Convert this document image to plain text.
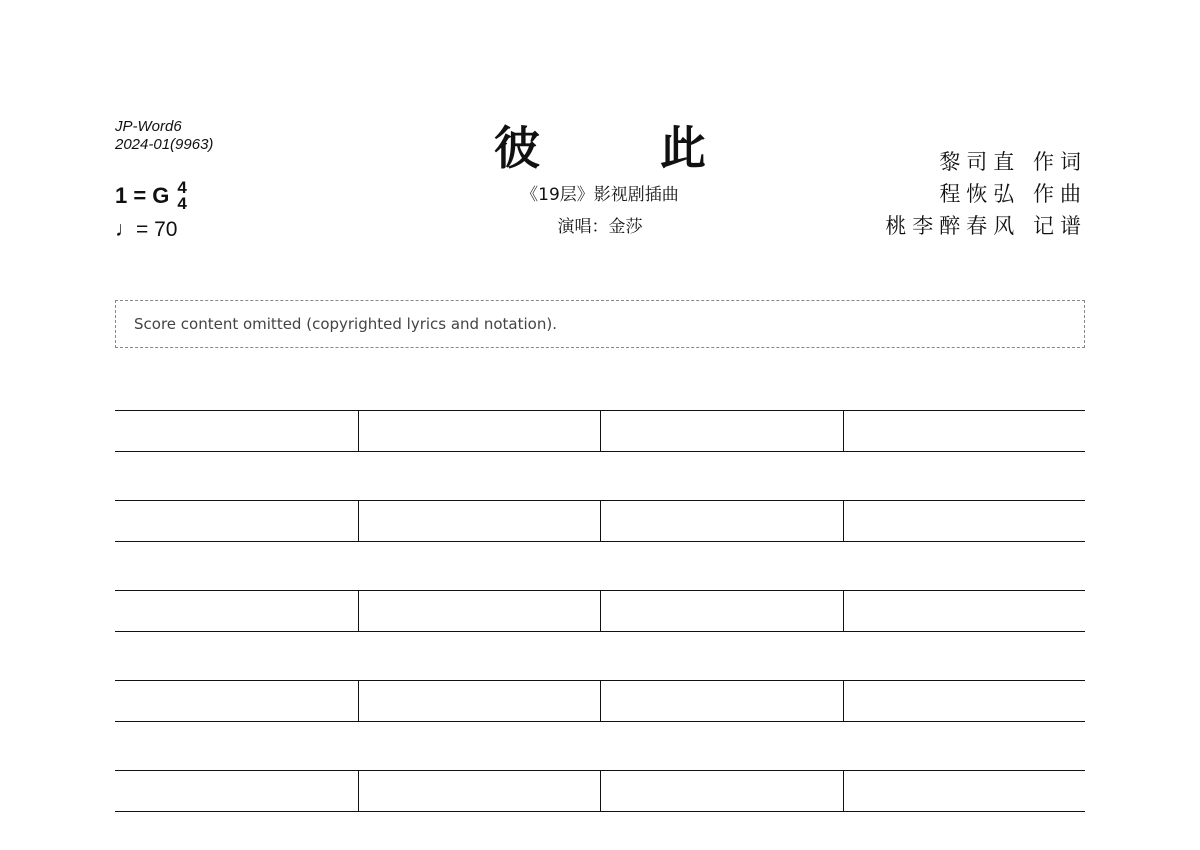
JP-Word6
2024-01(9963)	彼此
《19层》影视剧插曲
演唱：金莎
黎司直 作词
程恢弘 作曲
桃李醉春风 记谱
1 = G 4
4
♩= 70
Score content omitted (copyrighted lyrics and notation).
